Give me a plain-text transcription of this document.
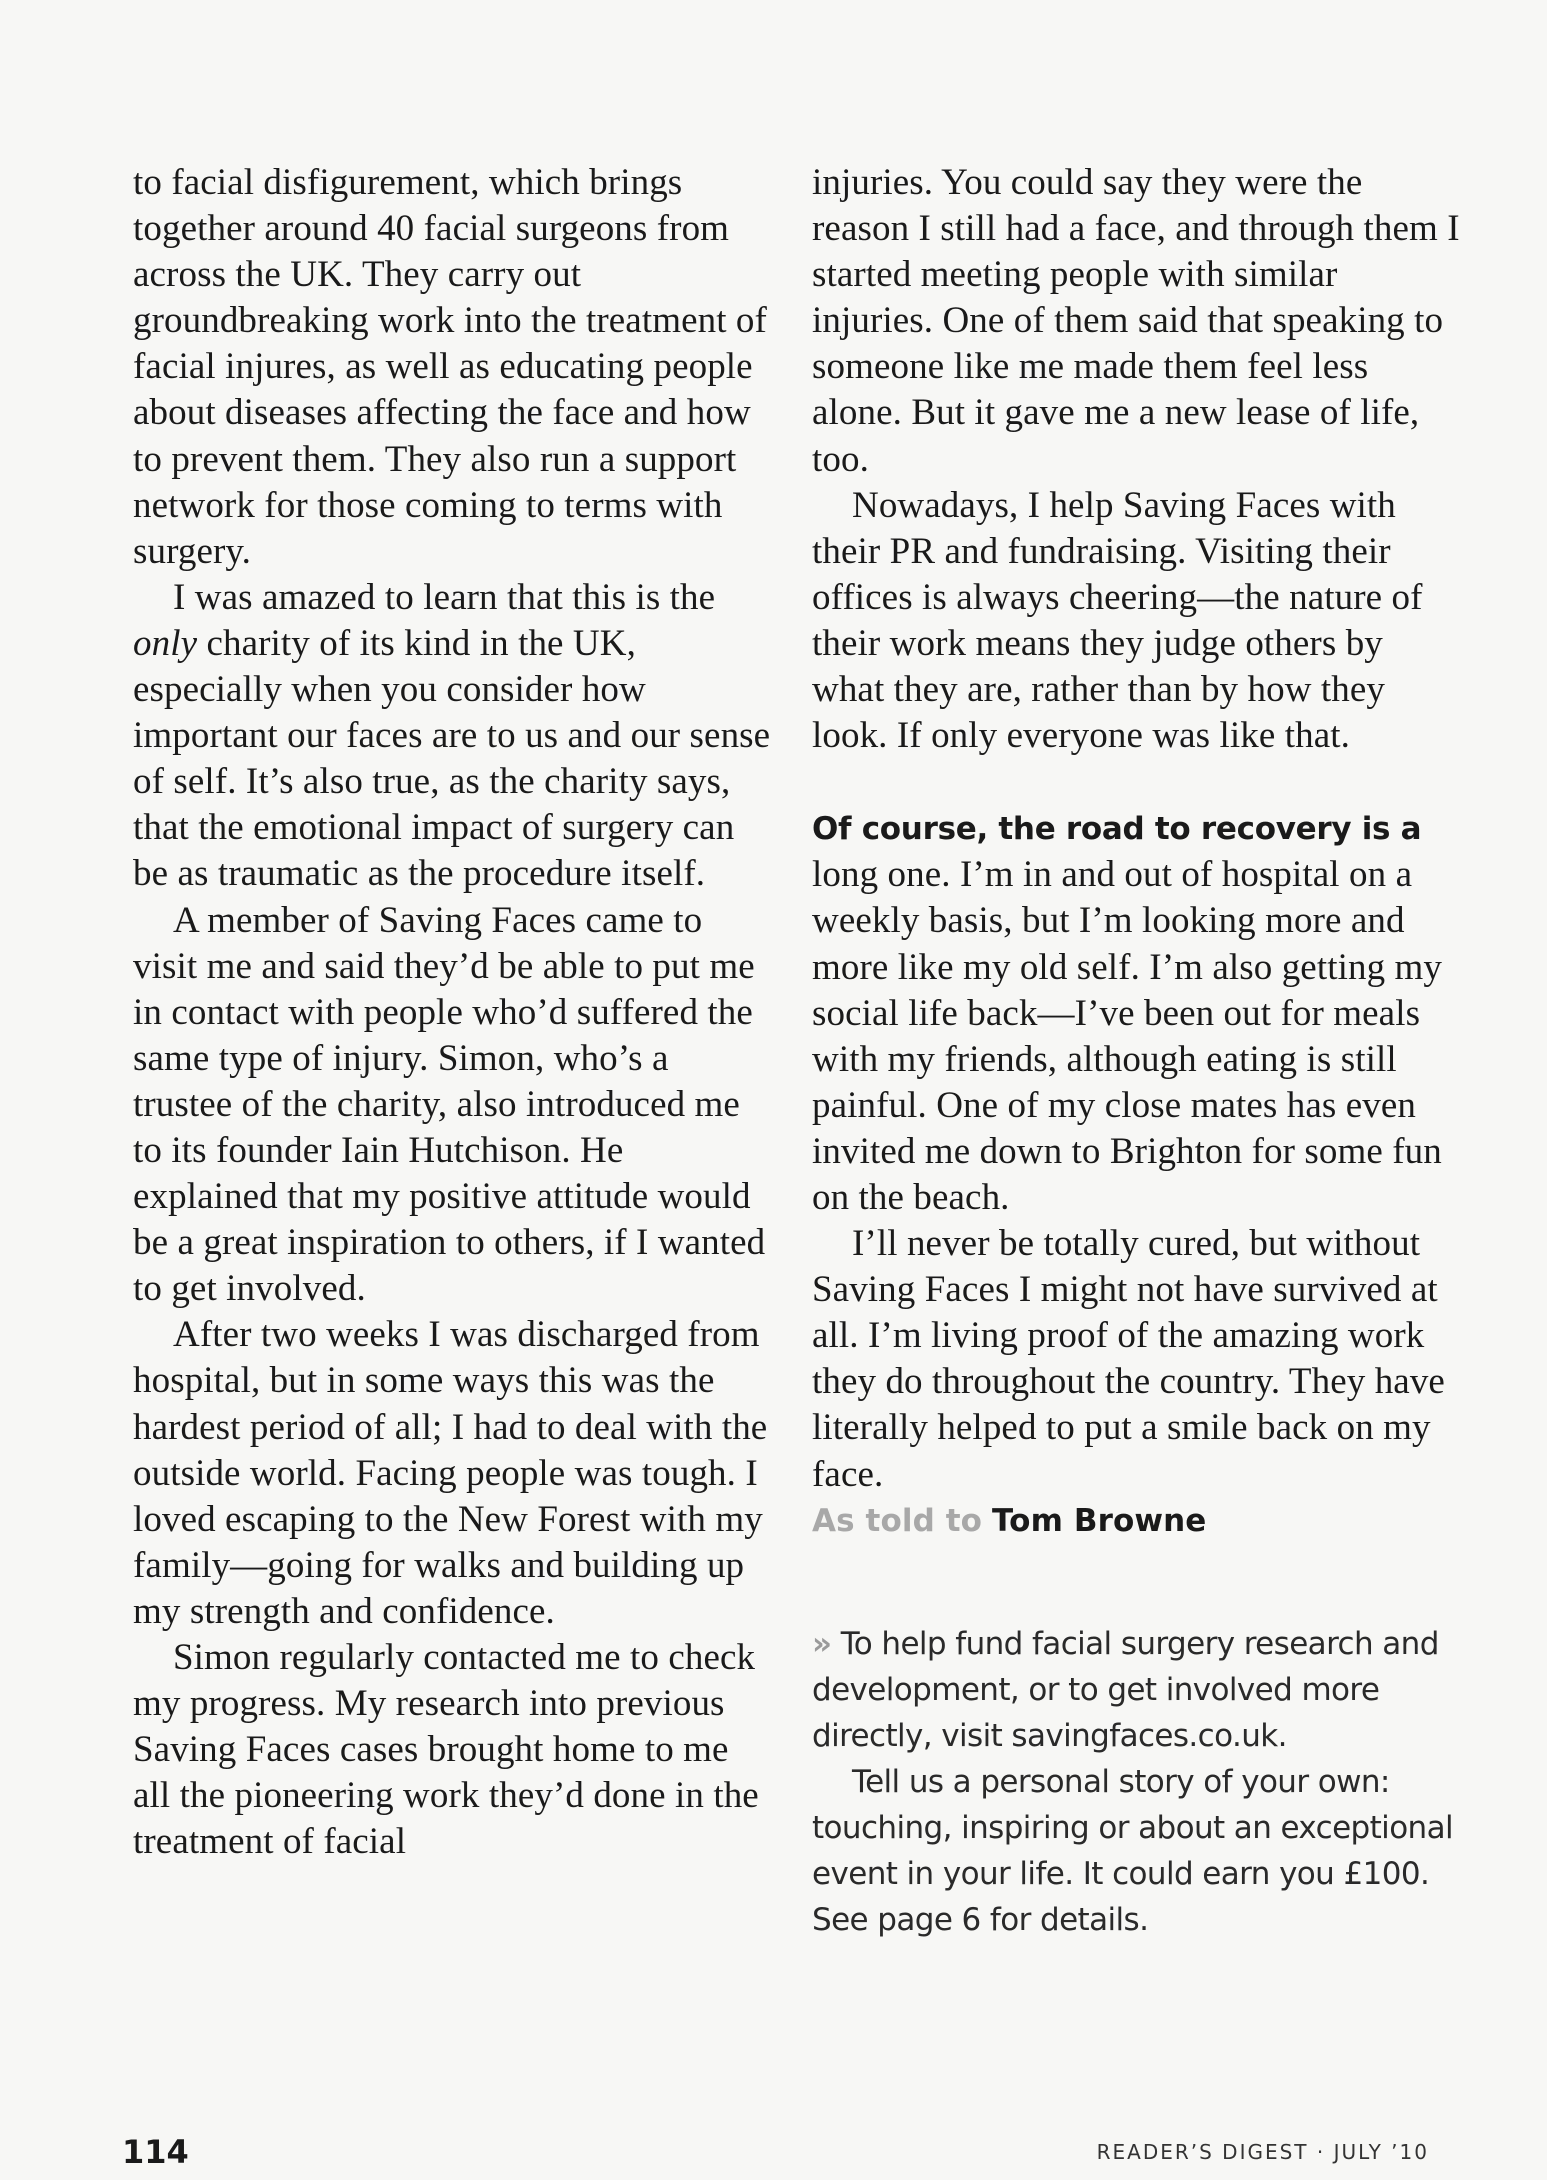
to facial disfigurement, which brings together around 40 facial surgeons from across the UK. They carry out groundbreaking work into the treatment of facial injures, as well as educating people about diseases affecting the face and how to prevent them. They also run a support network for those coming to terms with surgery.

I was amazed to learn that this is the only charity of its kind in the UK, especially when you consider how important our faces are to us and our sense of self. It’s also true, as the charity says, that the emotional impact of surgery can be as traumatic as the procedure itself.

A member of Saving Faces came to visit me and said they’d be able to put me in contact with people who’d suffered the same type of injury. Simon, who’s a trustee of the charity, also introduced me to its founder Iain Hutchison. He explained that my positive attitude would be a great inspiration to others, if I wanted to get involved.

After two weeks I was discharged from hospital, but in some ways this was the hardest period of all; I had to deal with the outside world. Facing people was tough. I loved escaping to the New Forest with my family—going for walks and building up my strength and confidence.

Simon regularly contacted me to check my progress. My research into previous Saving Faces cases brought home to me all the pioneering work they’d done in the treatment of facial

injuries. You could say they were the reason I still had a face, and through them I started meeting people with similar injuries. One of them said that speaking to someone like me made them feel less alone. But it gave me a new lease of life, too.

Nowadays, I help Saving Faces with their PR and fundraising. Visiting their offices is always cheering—the nature of their work means they judge others by what they are, rather than by how they look. If only everyone was like that.

Of course, the road to recovery is a long one. I’m in and out of hospital on a weekly basis, but I’m looking more and more like my old self. I’m also getting my social life back—I’ve been out for meals with my friends, although eating is still painful. One of my close mates has even invited me down to Brighton for some fun on the beach.

I’ll never be totally cured, but without Saving Faces I might not have survived at all. I’m living proof of the amazing work they do throughout the country. They have literally helped to put a smile back on my face.

As told to Tom Browne

» To help fund facial surgery research and development, or to get involved more directly, visit savingfaces.co.uk.

Tell us a personal story of your own: touching, inspiring or about an exceptional event in your life. It could earn you £100. See page 6 for details.

114	READER’S DIGEST · JULY ’10
